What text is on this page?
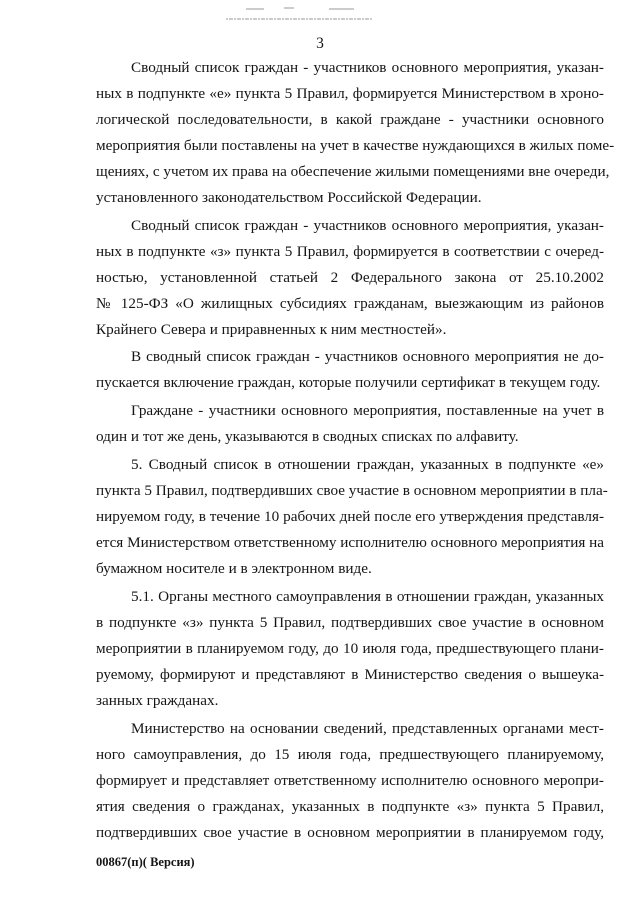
3
Сводный список граждан - участников основного мероприятия, указан-
ных в подпункте «е» пункта 5 Правил, формируется Министерством в хроно-
логической последовательности, в какой граждане - участники основного
мероприятия были поставлены на учет в качестве нуждающихся в жилых поме-
щениях, с учетом их права на обеспечение жилыми помещениями вне очереди,
установленного законодательством Российской Федерации.
Сводный список граждан - участников основного мероприятия, указан-
ных в подпункте «з» пункта 5 Правил, формируется в соответствии с очеред-
ностью, установленной статьей 2 Федерального закона от 25.10.2002
№ 125-ФЗ «О жилищных субсидиях гражданам, выезжающим из районов
Крайнего Севера и приравненных к ним местностей».
В сводный список граждан - участников основного мероприятия не до-
пускается включение граждан, которые получили сертификат в текущем году.
Граждане - участники основного мероприятия, поставленные на учет в
один и тот же день, указываются в сводных списках по алфавиту.
5. Сводный список в отношении граждан, указанных в подпункте «е»
пункта 5 Правил, подтвердивших свое участие в основном мероприятии в пла-
нируемом году, в течение 10 рабочих дней после его утверждения представля-
ется Министерством ответственному исполнителю основного мероприятия на
бумажном носителе и в электронном виде.
5.1. Органы местного самоуправления в отношении граждан, указанных
в подпункте «з» пункта 5 Правил, подтвердивших свое участие в основном
мероприятии в планируемом году, до 10 июля года, предшествующего плани-
руемому, формируют и представляют в Министерство сведения о вышеука-
занных гражданах.
Министерство на основании сведений, представленных органами мест-
ного самоуправления, до 15 июля года, предшествующего планируемому,
формирует и представляет ответственному исполнителю основного меропри-
ятия сведения о гражданах, указанных в подпункте «з» пункта 5 Правил,
подтвердивших свое участие в основном мероприятии в планируемом году,
00867(п)( Версия)
